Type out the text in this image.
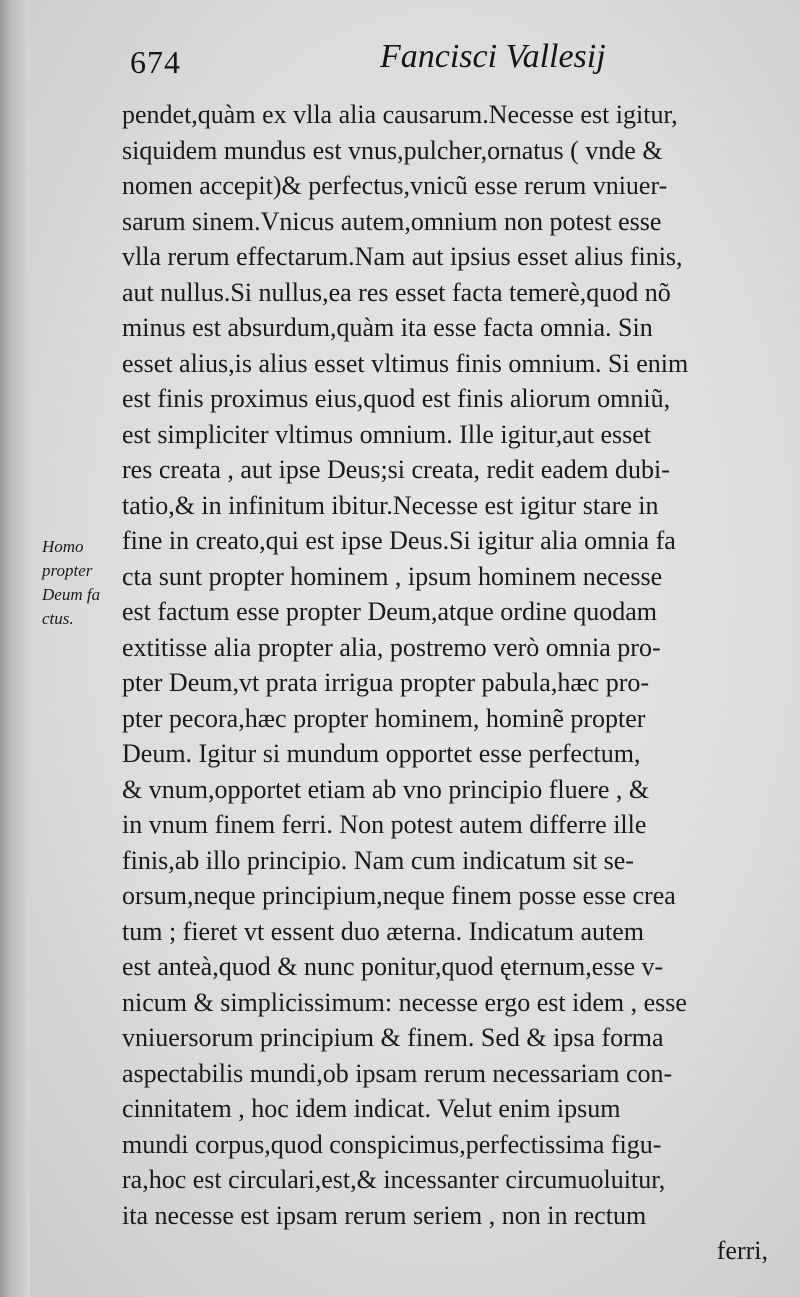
674	Fancisci Vallesij
Homo
propter
Deum fa
ctus.
pendet,quàm ex vlla alia causarum.Necesse est igitur,
siquidem mundus est vnus,pulcher,ornatus ( vnde &
nomen accepit)& perfectus,vnicũ esse rerum vniuer-
sarum sinem.Vnicus autem,omnium non potest esse
vlla rerum effectarum.Nam aut ipsius esset alius finis,
aut nullus.Si nullus,ea res esset facta temerè,quod nõ
minus est absurdum,quàm ita esse facta omnia. Sin
esset alius,is alius esset vltimus finis omnium. Si enim
est finis proximus eius,quod est finis aliorum omniũ,
est simpliciter vltimus omnium. Ille igitur,aut esset
res creata , aut ipse Deus;si creata, redit eadem dubi-
tatio,& in infinitum ibitur.Necesse est igitur stare in
fine in creato,qui est ipse Deus.Si igitur alia omnia fa
cta sunt propter hominem , ipsum hominem necesse
est factum esse propter Deum,atque ordine quodam
extitisse alia propter alia, postremo verò omnia pro-
pter Deum,vt prata irrigua propter pabula,hæc pro-
pter pecora,hæc propter hominem, hominẽ propter
Deum. Igitur si mundum opportet esse perfectum,
& vnum,opportet etiam ab vno principio fluere , &
in vnum finem ferri. Non potest autem differre ille
finis,ab illo principio. Nam cum indicatum sit se-
orsum,neque principium,neque finem posse esse crea
tum ; fieret vt essent duo æterna. Indicatum autem
est anteà,quod & nunc ponitur,quod ęternum,esse v-
nicum & simplicissimum: necesse ergo est idem , esse
vniuersorum principium & finem. Sed & ipsa forma
aspectabilis mundi,ob ipsam rerum necessariam con-
cinnitatem , hoc idem indicat. Velut enim ipsum
mundi corpus,quod conspicimus,perfectissima figu-
ra,hoc est circulari,est,& incessanter circumuoluitur,
ita necesse est ipsam rerum seriem , non in rectum
ferri,
